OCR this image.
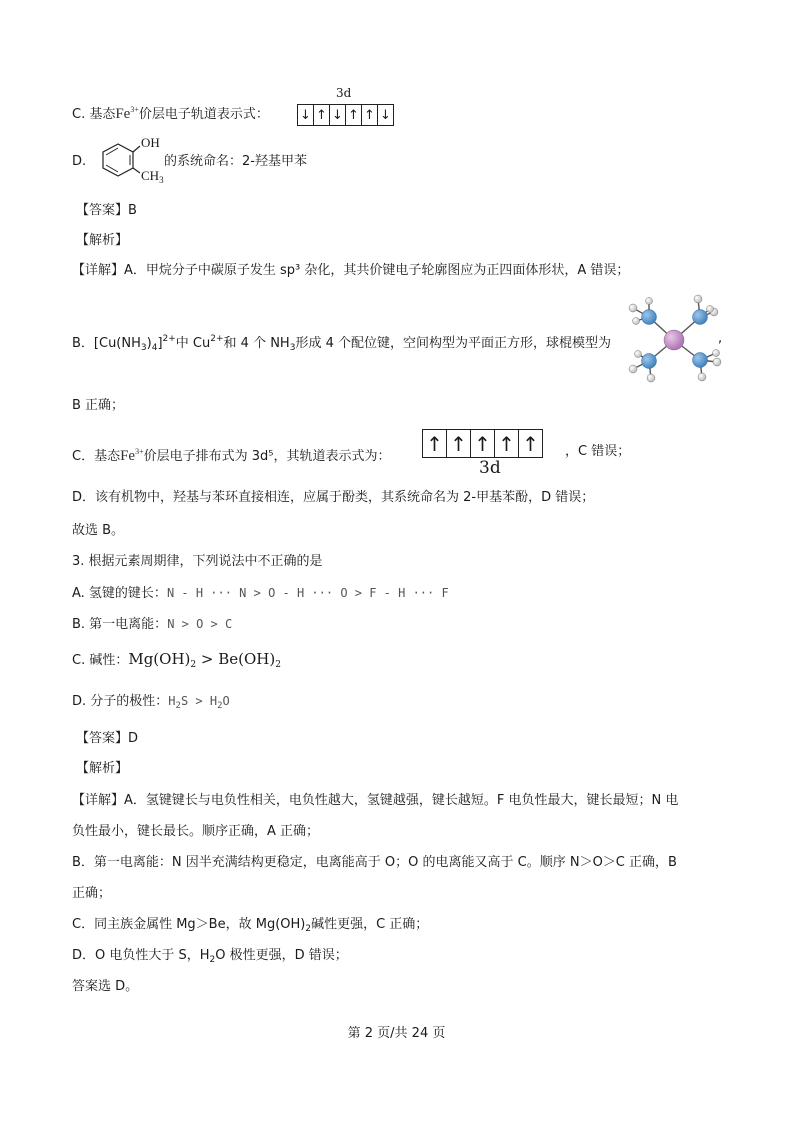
C. 基态$Fe^{3+}$价层电子轨道表示式：
3d
↓ ↑ ↓ ↑ ↑ ↓
D.
OH
$CH_3$
的系统命名：2-羟基甲苯
【答案】B
【解析】
【详解】A．甲烷分子中碳原子发生 sp³ 杂化，其共价键电子轮廓图应为正四面体形状，A 错误；
B．$[Cu(NH_3)_4]^{2+}$中 $Cu^{2+}$和 4 个 $NH_3$形成 4 个配位键，空间构型为平面正方形，球棍模型为	,
B 正确；
C．基态$Fe^{3+}$价层电子排布式为 3d⁵，其轨道表示式为：
↑ ↑ ↑ ↑ ↑
3d
，C 错误；
D．该有机物中，羟基与苯环直接相连，应属于酚类，其系统命名为 2-甲基苯酚，D 错误；
故选 B。
3. 根据元素周期律，下列说法中不正确的是
A. 氢键的键长：N - H ··· N > O - H ··· O > F - H ··· F
B. 第一电离能：N > O > C
C. 碱性：$Mg(OH)_2 > Be(OH)_2$
D. 分子的极性：$H_2S > H_2O$
【答案】D
【解析】
【详解】A．氢键键长与电负性相关，电负性越大，氢键越强，键长越短。F 电负性最大，键长最短；N 电
负性最小，键长最长。顺序正确，A 正确；
B．第一电离能：N 因半充满结构更稳定，电离能高于 O；O 的电离能又高于 C。顺序 N＞O＞C 正确，B
正确；
C．同主族金属性 Mg＞Be，故 $Mg(OH)_2$碱性更强，C 正确；
D．O 电负性大于 S，$H_2O$ 极性更强，D 错误；
答案选 D。
第 2 页/共 24 页
